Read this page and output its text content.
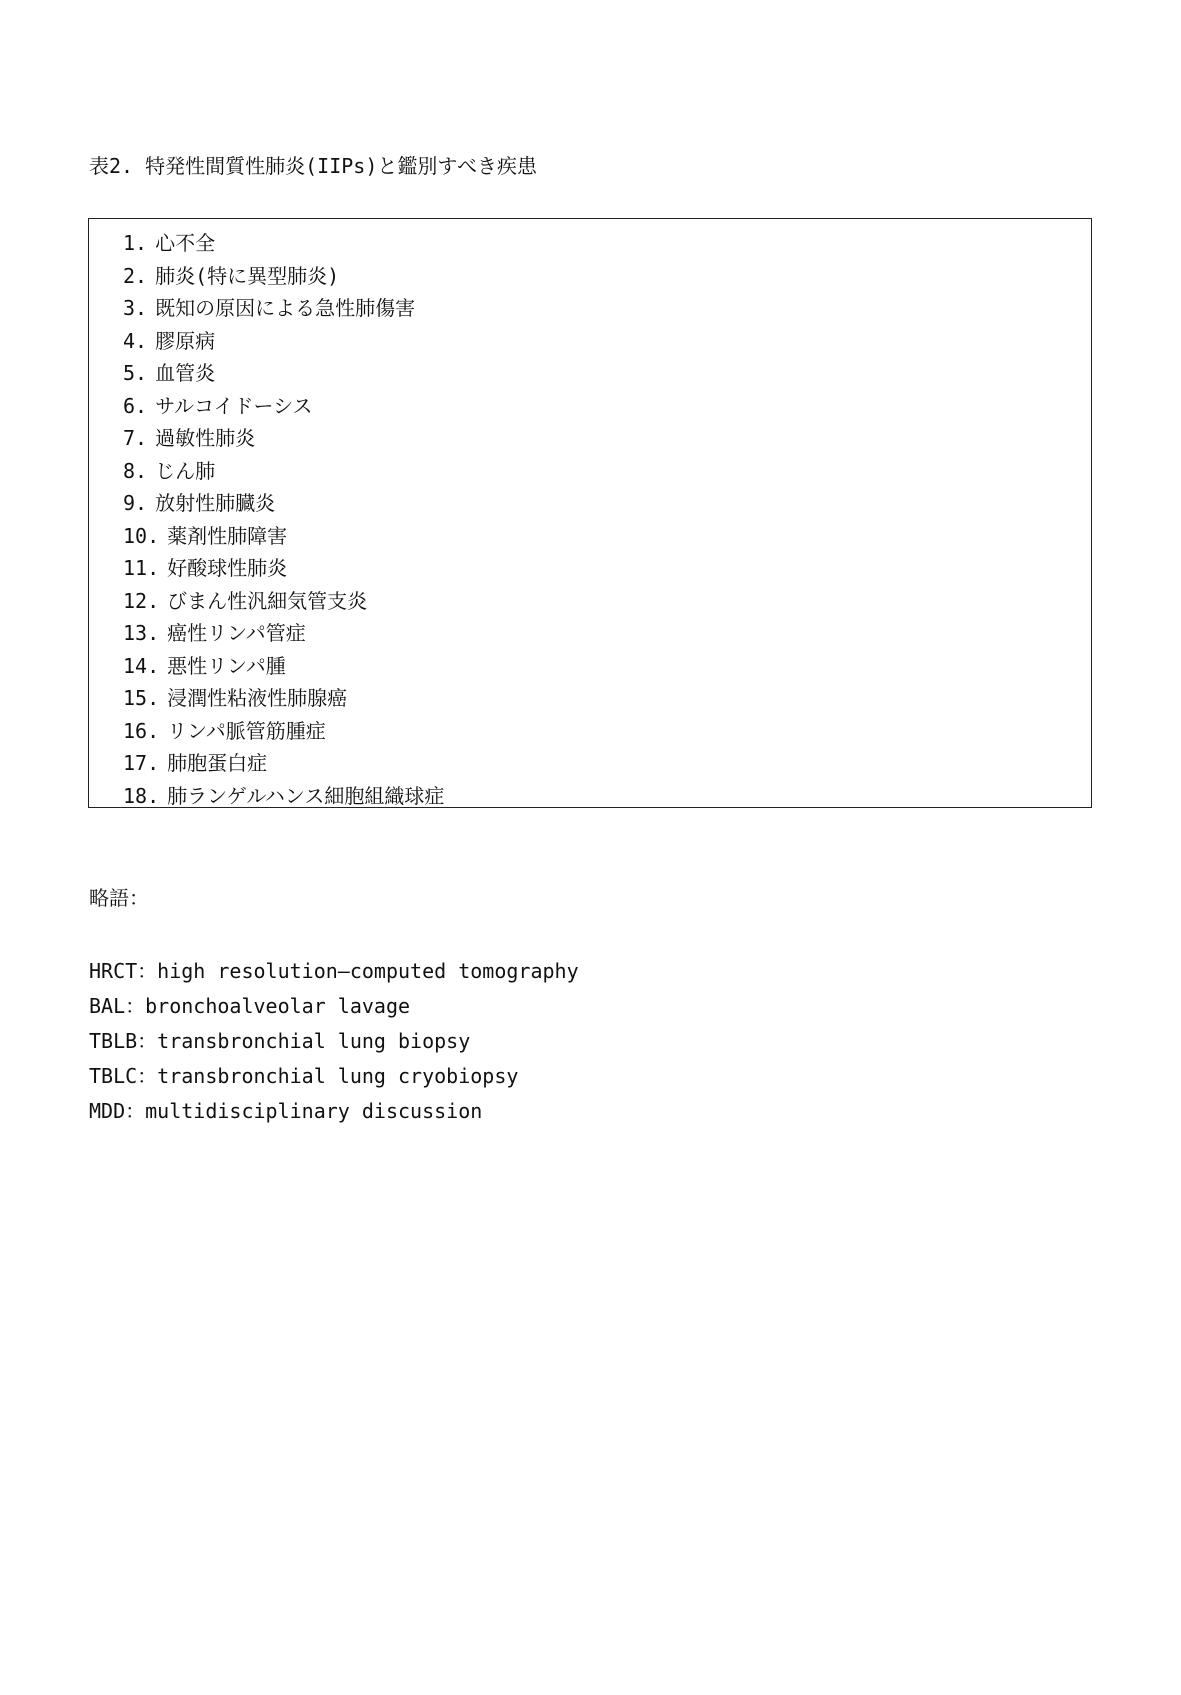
表2. 特発性間質性肺炎(IIPs)と鑑別すべき疾患
1. 心不全
2. 肺炎(特に異型肺炎)
3. 既知の原因による急性肺傷害
4. 膠原病
5. 血管炎
6. サルコイドーシス
7. 過敏性肺炎
8. じん肺
9. 放射性肺臓炎
10. 薬剤性肺障害
11. 好酸球性肺炎
12. びまん性汎細気管支炎
13. 癌性リンパ管症
14. 悪性リンパ腫
15. 浸潤性粘液性肺腺癌
16. リンパ脈管筋腫症
17. 肺胞蛋白症
18. 肺ランゲルハンス細胞組織球症
略語：
HRCT：high resolution—computed tomography
BAL：bronchoalveolar lavage
TBLB：transbronchial lung biopsy
TBLC：transbronchial lung cryobiopsy
MDD：multidisciplinary discussion
